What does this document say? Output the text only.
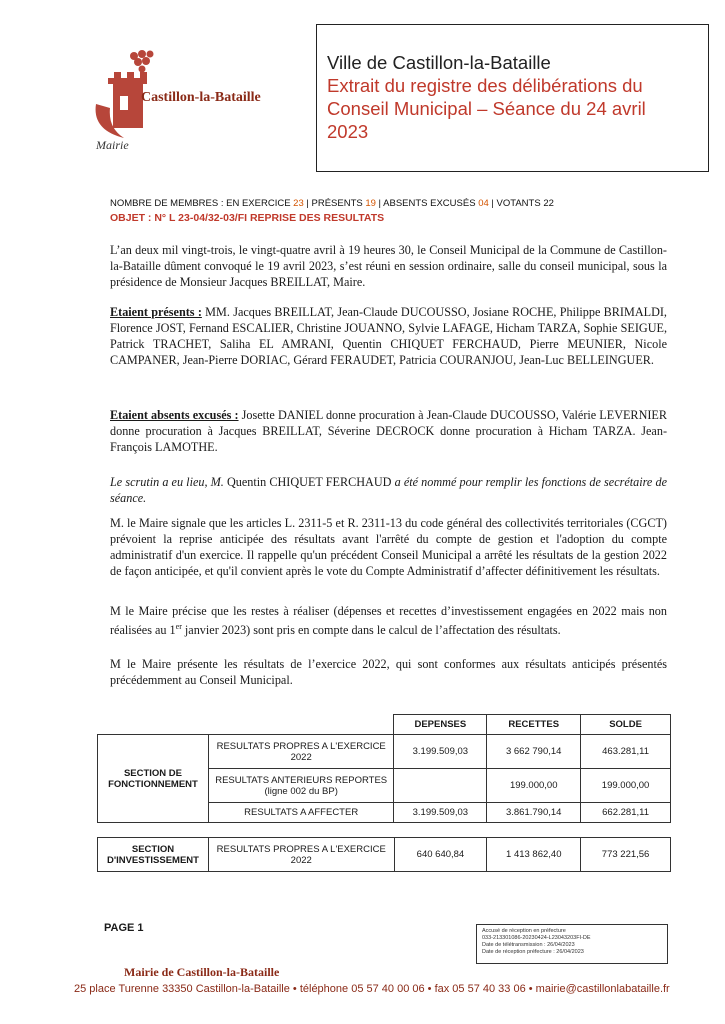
Castillon-la-Bataille
Mairie
Ville de Castillon-la-Bataille
Extrait du registre des délibérations du
Conseil Municipal – Séance du 24 avril
2023
NOMBRE DE MEMBRES : EN EXERCICE 23 | PRÉSENTS 19 | ABSENTS EXCUSÉS 04 | VOTANTS 22
OBJET : N° L 23-04/32-03/FI REPRISE DES RESULTATS
L’an deux mil vingt-trois, le vingt-quatre avril à 19 heures 30, le Conseil Municipal de la Commune de Castillon-la-Bataille dûment convoqué le 19 avril 2023, s’est réuni en session ordinaire, salle du conseil municipal, sous la présidence de Monsieur Jacques BREILLAT, Maire.
Etaient présents : MM. Jacques BREILLAT, Jean-Claude DUCOUSSO, Josiane ROCHE, Philippe BRIMALDI, Florence JOST, Fernand ESCALIER, Christine JOUANNO, Sylvie LAFAGE, Hicham TARZA, Sophie SEIGUE, Patrick TRACHET, Saliha EL AMRANI, Quentin CHIQUET FERCHAUD, Pierre MEUNIER, Nicole CAMPANER, Jean-Pierre DORIAC, Gérard FERAUDET, Patricia COURANJOU, Jean-Luc BELLEINGUER.
Etaient absents excusés : Josette DANIEL donne procuration à Jean-Claude DUCOUSSO, Valérie LEVERNIER donne procuration à Jacques BREILLAT, Séverine DECROCK donne procuration à Hicham TARZA. Jean-François LAMOTHE.
Le scrutin a eu lieu, M. Quentin CHIQUET FERCHAUD a été nommé pour remplir les fonctions de secrétaire de séance.
M. le Maire signale que les articles L. 2311-5 et R. 2311-13 du code général des collectivités territoriales (CGCT) prévoient la reprise anticipée des résultats avant l'arrêté du compte de gestion et l'adoption du compte administratif d'un exercice. Il rappelle qu'un précédent Conseil Municipal a arrêté les résultats de la gestion 2022 de façon anticipée, et qu'il convient après le vote du Compte Administratif d’affecter définitivement les résultats.
M le Maire précise que les restes à réaliser (dépenses et recettes d’investissement engagées en 2022 mais non réalisées au 1er janvier 2023) sont pris en compte dans le calcul de l’affectation des résultats.
M le Maire présente les résultats de l’exercice 2022, qui sont conformes aux résultats anticipés présentés précédemment au Conseil Municipal.
		DEPENSES	RECETTES	SOLDE
SECTION DE FONCTIONNEMENT	RESULTATS PROPRES A L'EXERCICE 2022	3.199.509,03	3 662 790,14	463.281,11
	RESULTATS ANTERIEURS REPORTES (ligne 002 du BP)		199.000,00	199.000,00
	RESULTATS A AFFECTER	3.199.509,03	3.861.790,14	662.281,11
SECTION D'INVESTISSEMENT	RESULTATS PROPRES A L'EXERCICE 2022	640 640,84	1 413 862,40	773 221,56
PAGE 1	Accusé de réception en préfecture
033-213301086-20230424-L23043203FI-DE
Date de télétransmission : 26/04/2023
Date de réception préfecture : 26/04/2023
Mairie de Castillon-la-Bataille
25 place Turenne 33350 Castillon-la-Bataille • téléphone 05 57 40 00 06 • fax 05 57 40 33 06 • mairie@castillonlabataille.fr
